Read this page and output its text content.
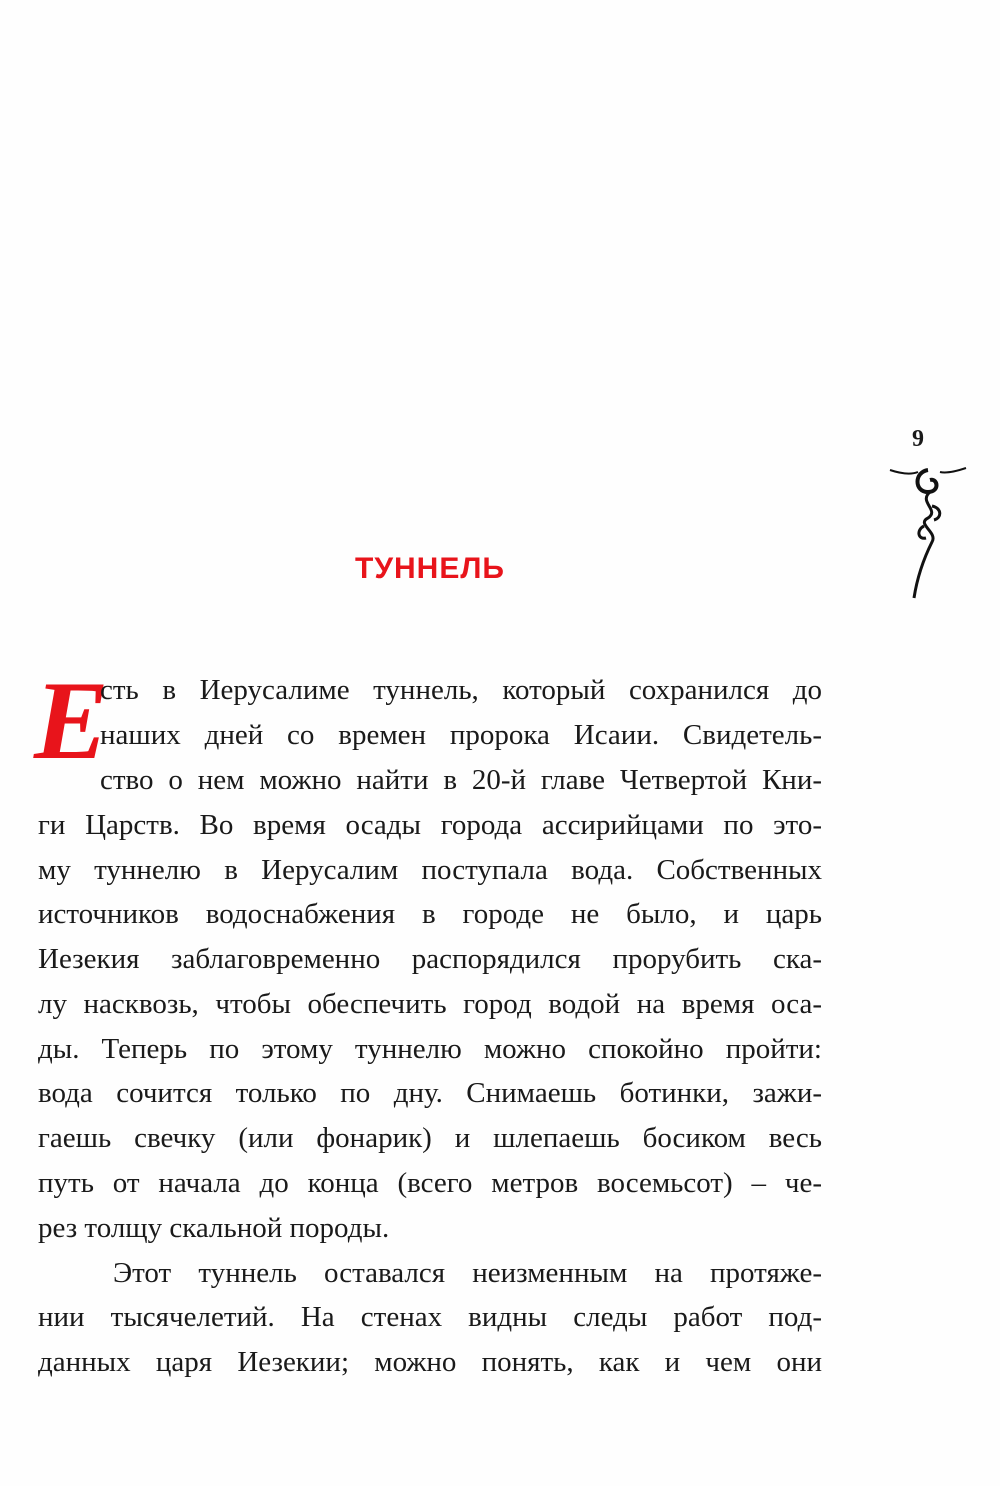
9
ТУННЕЛЬ
Е
сть в Иерусалиме туннель, который сохранился до
наших дней со времен пророка Исаии. Свидетель-
ство о нем можно найти в 20-й главе Четвертой Кни-
ги Царств. Во время осады города ассирийцами по это-
му туннелю в Иерусалим поступала вода. Собственных
источников водоснабжения в городе не было, и царь
Иезекия заблаговременно распорядился прорубить ска-
лу насквозь, чтобы обеспечить город водой на время оса-
ды. Теперь по этому туннелю можно спокойно пройти:
вода сочится только по дну. Снимаешь ботинки, зажи-
гаешь свечку (или фонарик) и шлепаешь босиком весь
путь от начала до конца (всего метров восемьсот) – че-
рез толщу скальной породы.
Этот туннель оставался неизменным на протяже-
нии тысячелетий. На стенах видны следы работ под-
данных царя Иезекии; можно понять, как и чем они
